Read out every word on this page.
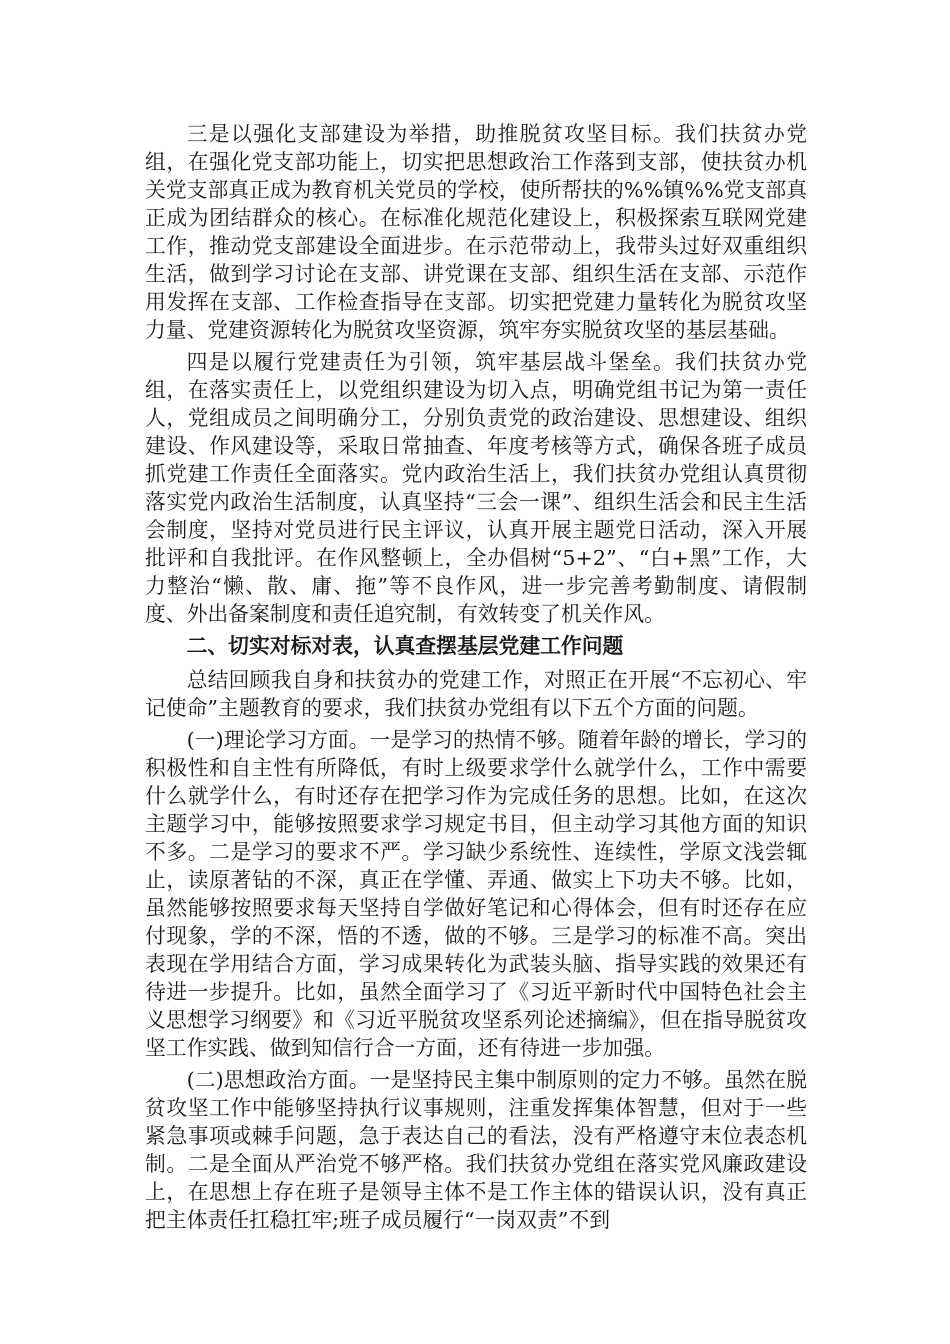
三是以强化支部建设为举措，助推脱贫攻坚目标。我们扶贫办党组，在强化党支部功能上，切实把思想政治工作落到支部，使扶贫办机关党支部真正成为教育机关党员的学校，使所帮扶的%%镇%%党支部真正成为团结群众的核心。在标准化规范化建设上，积极探索互联网党建工作，推动党支部建设全面进步。在示范带动上，我带头过好双重组织生活，做到学习讨论在支部、讲党课在支部、组织生活在支部、示范作用发挥在支部、工作检查指导在支部。切实把党建力量转化为脱贫攻坚力量、党建资源转化为脱贫攻坚资源，筑牢夯实脱贫攻坚的基层基础。

四是以履行党建责任为引领，筑牢基层战斗堡垒。我们扶贫办党组，在落实责任上，以党组织建设为切入点，明确党组书记为第一责任人，党组成员之间明确分工，分别负责党的政治建设、思想建设、组织建设、作风建设等，采取日常抽查、年度考核等方式，确保各班子成员抓党建工作责任全面落实。党内政治生活上，我们扶贫办党组认真贯彻落实党内政治生活制度，认真坚持“三会一课”、组织生活会和民主生活会制度，坚持对党员进行民主评议，认真开展主题党日活动，深入开展批评和自我批评。在作风整顿上，全办倡树“5+2”、“白+黑”工作，大力整治“懒、散、庸、拖”等不良作风，进一步完善考勤制度、请假制度、外出备案制度和责任追究制，有效转变了机关作风。

二、切实对标对表，认真查摆基层党建工作问题

总结回顾我自身和扶贫办的党建工作，对照正在开展“不忘初心、牢记使命”主题教育的要求，我们扶贫办党组有以下五个方面的问题。

(一)理论学习方面。一是学习的热情不够。随着年龄的增长，学习的积极性和自主性有所降低，有时上级要求学什么就学什么，工作中需要什么就学什么，有时还存在把学习作为完成任务的思想。比如，在这次主题学习中，能够按照要求学习规定书目，但主动学习其他方面的知识不多。二是学习的要求不严。学习缺少系统性、连续性，学原文浅尝辄止，读原著钻的不深，真正在学懂、弄通、做实上下功夫不够。比如，虽然能够按照要求每天坚持自学做好笔记和心得体会，但有时还存在应付现象，学的不深，悟的不透，做的不够。三是学习的标准不高。突出表现在学用结合方面，学习成果转化为武装头脑、指导实践的效果还有待进一步提升。比如，虽然全面学习了《习近平新时代中国特色社会主义思想学习纲要》和《习近平脱贫攻坚系列论述摘编》，但在指导脱贫攻坚工作实践、做到知信行合一方面，还有待进一步加强。

(二)思想政治方面。一是坚持民主集中制原则的定力不够。虽然在脱贫攻坚工作中能够坚持执行议事规则，注重发挥集体智慧，但对于一些紧急事项或棘手问题，急于表达自己的看法，没有严格遵守末位表态机制。二是全面从严治党不够严格。我们扶贫办党组在落实党风廉政建设上，在思想上存在班子是领导主体不是工作主体的错误认识，没有真正把主体责任扛稳扛牢;班子成员履行“一岗双责”不到
